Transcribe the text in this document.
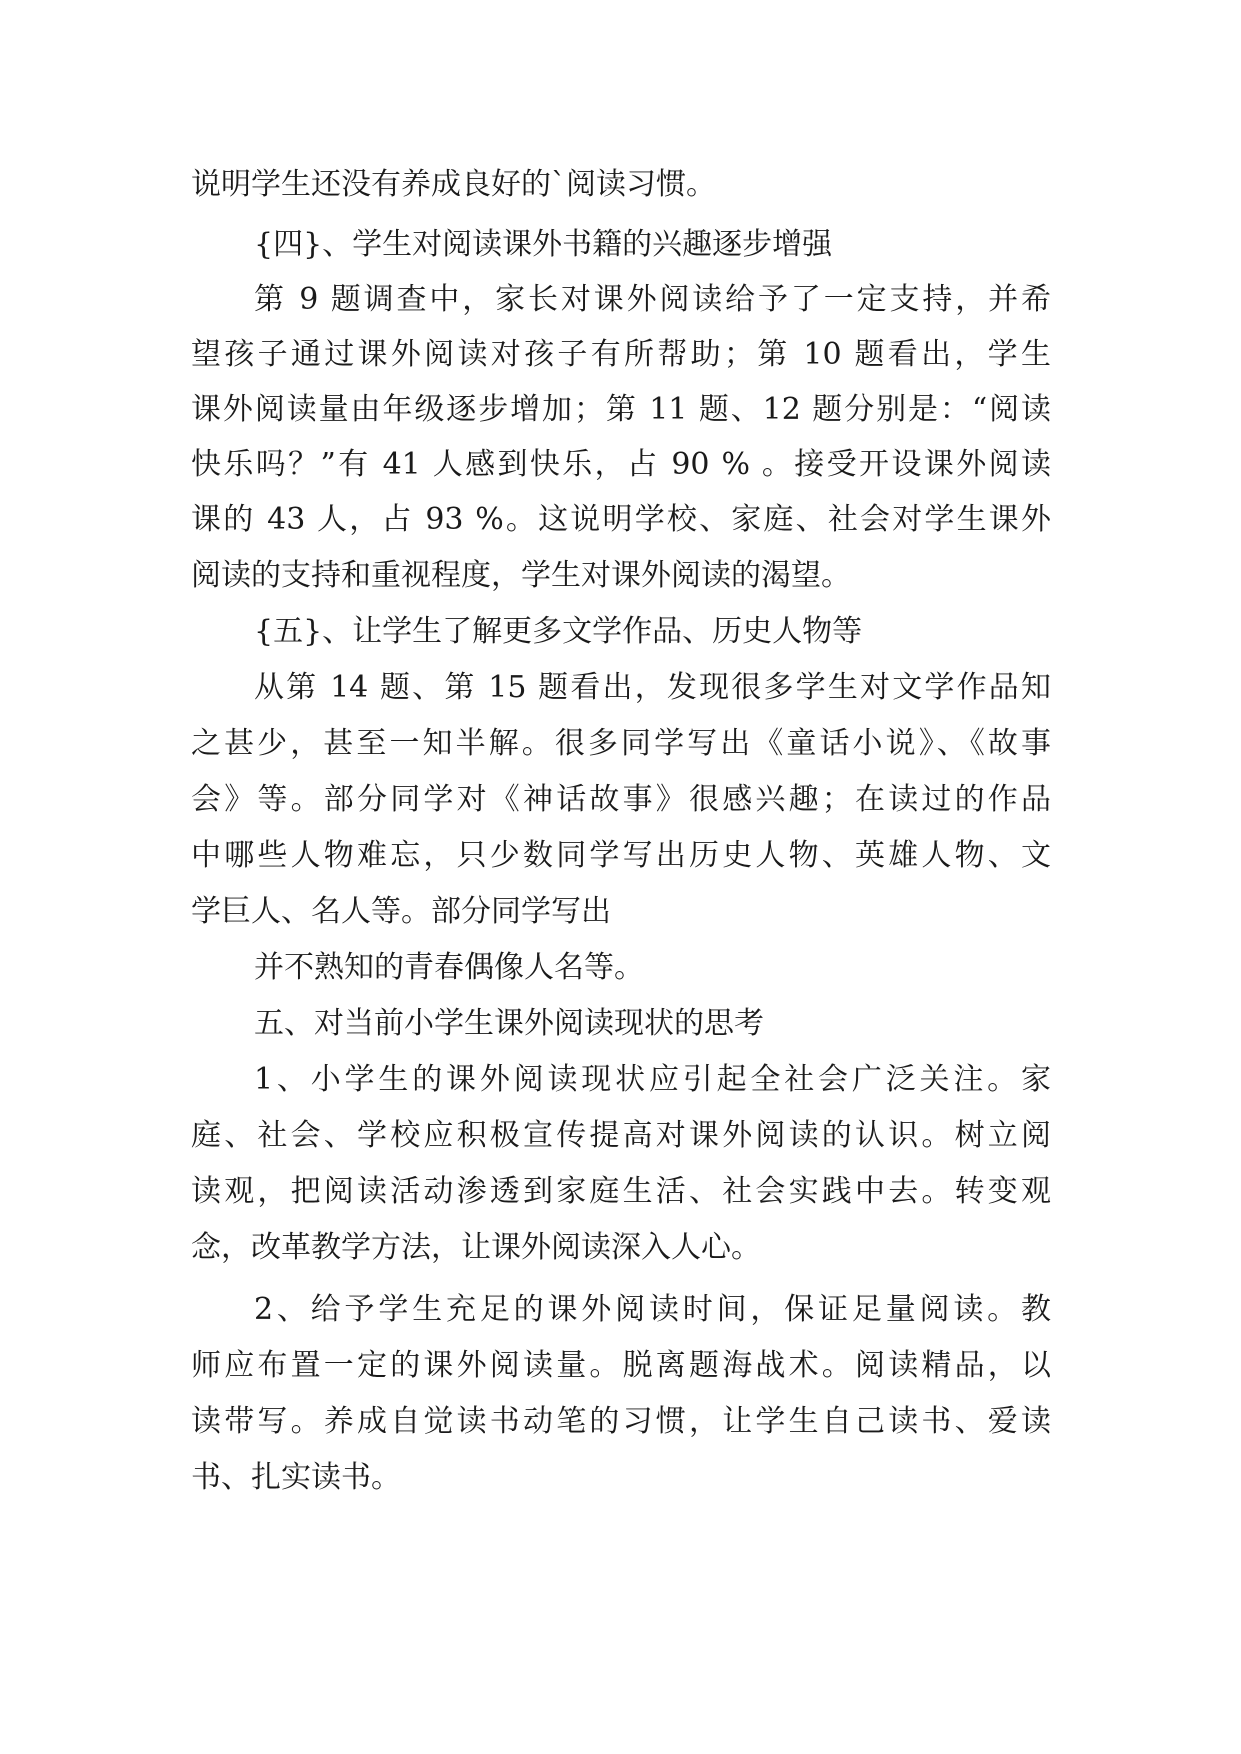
说明学生还没有养成良好的`阅读习惯。
{四}、学生对阅读课外书籍的兴趣逐步增强
第 9 题调查中，家长对课外阅读给予了一定支持，并希
望孩子通过课外阅读对孩子有所帮助；第 10 题看出，学生
课外阅读量由年级逐步增加；第 11 题、12 题分别是：“阅读
快乐吗？”有 41 人感到快乐，占 90 % 。接受开设课外阅读
课的 43 人，占 93 %。这说明学校、家庭、社会对学生课外
阅读的支持和重视程度，学生对课外阅读的渴望。
{五}、让学生了解更多文学作品、历史人物等
从第 14 题、第 15 题看出，发现很多学生对文学作品知
之甚少，甚至一知半解。很多同学写出《童话小说》、《故事
会》等。部分同学对《神话故事》很感兴趣；在读过的作品
中哪些人物难忘，只少数同学写出历史人物、英雄人物、文
学巨人、名人等。部分同学写出
并不熟知的青春偶像人名等。
五、对当前小学生课外阅读现状的思考
1、小学生的课外阅读现状应引起全社会广泛关注。家
庭、社会、学校应积极宣传提高对课外阅读的认识。树立阅
读观，把阅读活动渗透到家庭生活、社会实践中去。转变观
念，改革教学方法，让课外阅读深入人心。
2、给予学生充足的课外阅读时间，保证足量阅读。教
师应布置一定的课外阅读量。脱离题海战术。阅读精品，以
读带写。养成自觉读书动笔的习惯，让学生自己读书、爱读
书、扎实读书。
